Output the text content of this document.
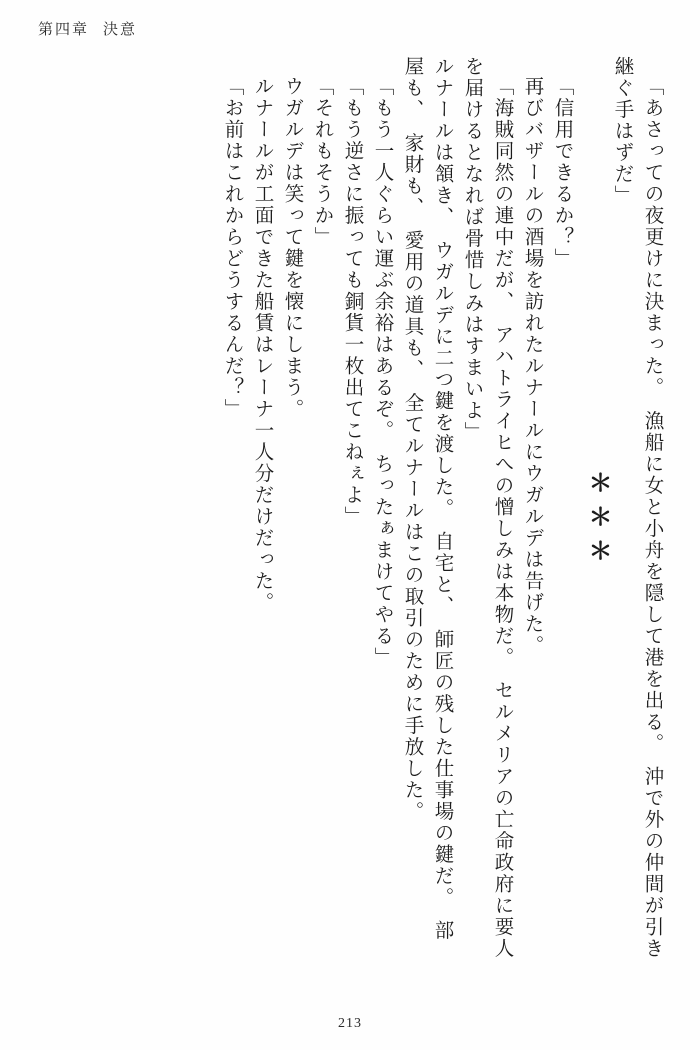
第四章 決意
「あさっての夜更けに決まった。　漁船に女と小舟を隠して港を出る。　沖で外の仲間が引き
継ぐ手はずだ」
＊＊＊
「信用できるか？」
再びバザールの酒場を訪れたルナールにウガルデは告げた。
「海賊同然の連中だが、　アハトライヒへの憎しみは本物だ。　セルメリアの亡命政府に要人
を届けるとなれば骨惜しみはすまいよ」
ルナールは頷き、　ウガルデに二つ鍵を渡した。　自宅と、　師匠の残した仕事場の鍵だ。　部
屋も、　家財も、　愛用の道具も、　全てルナールはこの取引のために手放した。
「もう一人ぐらい運ぶ余裕はあるぞ。　ちったぁまけてやる」
「もう逆さに振っても銅貨一枚出てこねぇよ」
「それもそうか」
ウガルデは笑って鍵を懐にしまう。
ルナールが工面できた船賃はレーナ一人分だけだった。
「お前はこれからどうするんだ？」
213
